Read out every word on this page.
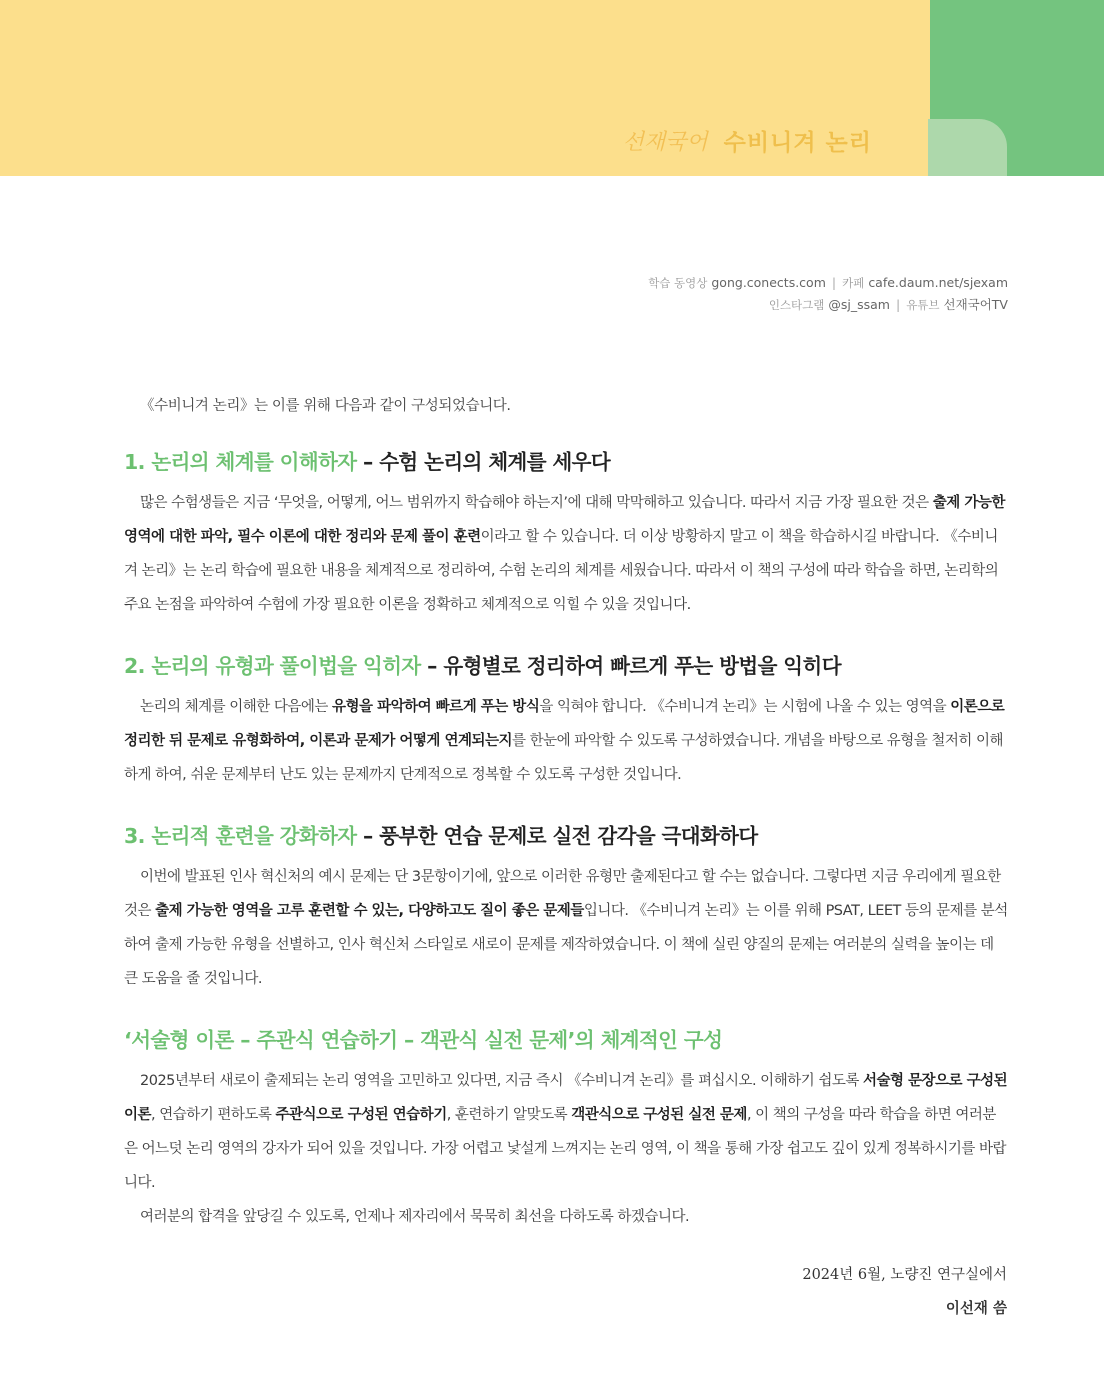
선재국어 수비니겨 논리
학습 동영상 gong.conects.com | 카페 cafe.daum.net/sjexam
인스타그램 @sj_ssam | 유튜브 선재국어TV

《수비니겨 논리》는 이를 위해 다음과 같이 구성되었습니다.

1. 논리의 체계를 이해하자 – 수험 논리의 체계를 세우다

많은 수험생들은 지금 ‘무엇을, 어떻게, 어느 범위까지 학습해야 하는지’에 대해 막막해하고 있습니다. 따라서 지금 가장 필요한 것은 출제 가능한 영역에 대한 파악, 필수 이론에 대한 정리와 문제 풀이 훈련이라고 할 수 있습니다. 더 이상 방황하지 말고 이 책을 학습하시길 바랍니다. 《수비니겨 논리》는 논리 학습에 필요한 내용을 체계적으로 정리하여, 수험 논리의 체계를 세웠습니다. 따라서 이 책의 구성에 따라 학습을 하면, 논리학의 주요 논점을 파악하여 수험에 가장 필요한 이론을 정확하고 체계적으로 익힐 수 있을 것입니다.

2. 논리의 유형과 풀이법을 익히자 – 유형별로 정리하여 빠르게 푸는 방법을 익히다

논리의 체계를 이해한 다음에는 유형을 파악하여 빠르게 푸는 방식을 익혀야 합니다. 《수비니겨 논리》는 시험에 나올 수 있는 영역을 이론으로 정리한 뒤 문제로 유형화하여, 이론과 문제가 어떻게 연계되는지를 한눈에 파악할 수 있도록 구성하였습니다. 개념을 바탕으로 유형을 철저히 이해하게 하여, 쉬운 문제부터 난도 있는 문제까지 단계적으로 정복할 수 있도록 구성한 것입니다.

3. 논리적 훈련을 강화하자 – 풍부한 연습 문제로 실전 감각을 극대화하다

이번에 발표된 인사 혁신처의 예시 문제는 단 3문항이기에, 앞으로 이러한 유형만 출제된다고 할 수는 없습니다. 그렇다면 지금 우리에게 필요한 것은 출제 가능한 영역을 고루 훈련할 수 있는, 다양하고도 질이 좋은 문제들입니다. 《수비니겨 논리》는 이를 위해 PSAT, LEET 등의 문제를 분석하여 출제 가능한 유형을 선별하고, 인사 혁신처 스타일로 새로이 문제를 제작하였습니다. 이 책에 실린 양질의 문제는 여러분의 실력을 높이는 데 큰 도움을 줄 것입니다.

‘서술형 이론 – 주관식 연습하기 – 객관식 실전 문제’의 체계적인 구성

2025년부터 새로이 출제되는 논리 영역을 고민하고 있다면, 지금 즉시 《수비니겨 논리》를 펴십시오. 이해하기 쉽도록 서술형 문장으로 구성된 이론, 연습하기 편하도록 주관식으로 구성된 연습하기, 훈련하기 알맞도록 객관식으로 구성된 실전 문제, 이 책의 구성을 따라 학습을 하면 여러분은 어느덧 논리 영역의 강자가 되어 있을 것입니다. 가장 어렵고 낯설게 느껴지는 논리 영역, 이 책을 통해 가장 쉽고도 깊이 있게 정복하시기를 바랍니다.

여러분의 합격을 앞당길 수 있도록, 언제나 제자리에서 묵묵히 최선을 다하도록 하겠습니다.

2024년 6월, 노량진 연구실에서
이선재 씀
